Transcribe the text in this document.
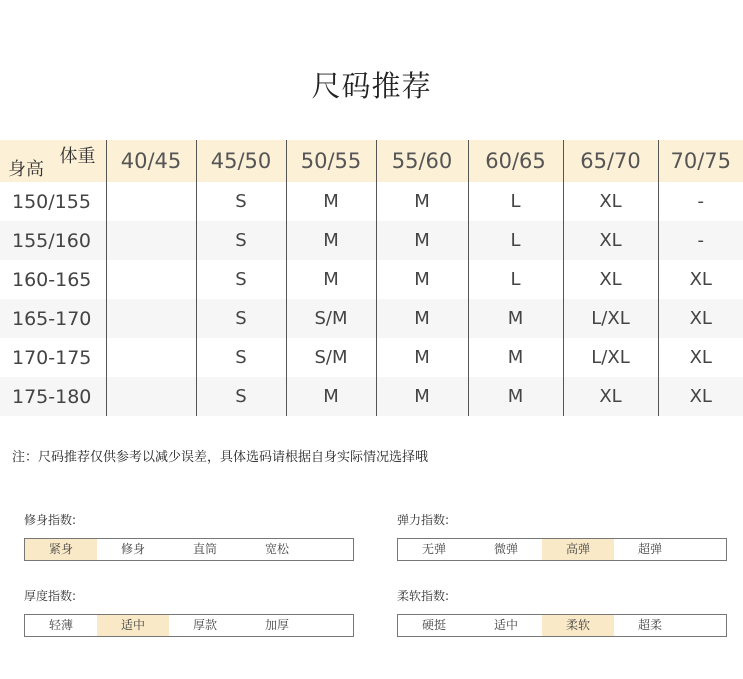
尺码推荐
体重
身高	40/45	45/50	50/55	55/60	60/65	65/70	70/75
150/155		S	M	M	L	XL	-
155/160		S	M	M	L	XL	-
160-165		S	M	M	L	XL	XL
165-170		S	S/M	M	M	L/XL	XL
170-175		S	S/M	M	M	L/XL	XL
175-180		S	M	M	M	XL	XL
注：尺码推荐仅供参考以减少误差，具体选码请根据自身实际情况选择哦
修身指数:
紧身	修身	直筒	宽松
弹力指数:
无弹	微弹	高弹	超弹
厚度指数:
轻薄	适中	厚款	加厚
柔软指数:
硬挺	适中	柔软	超柔
